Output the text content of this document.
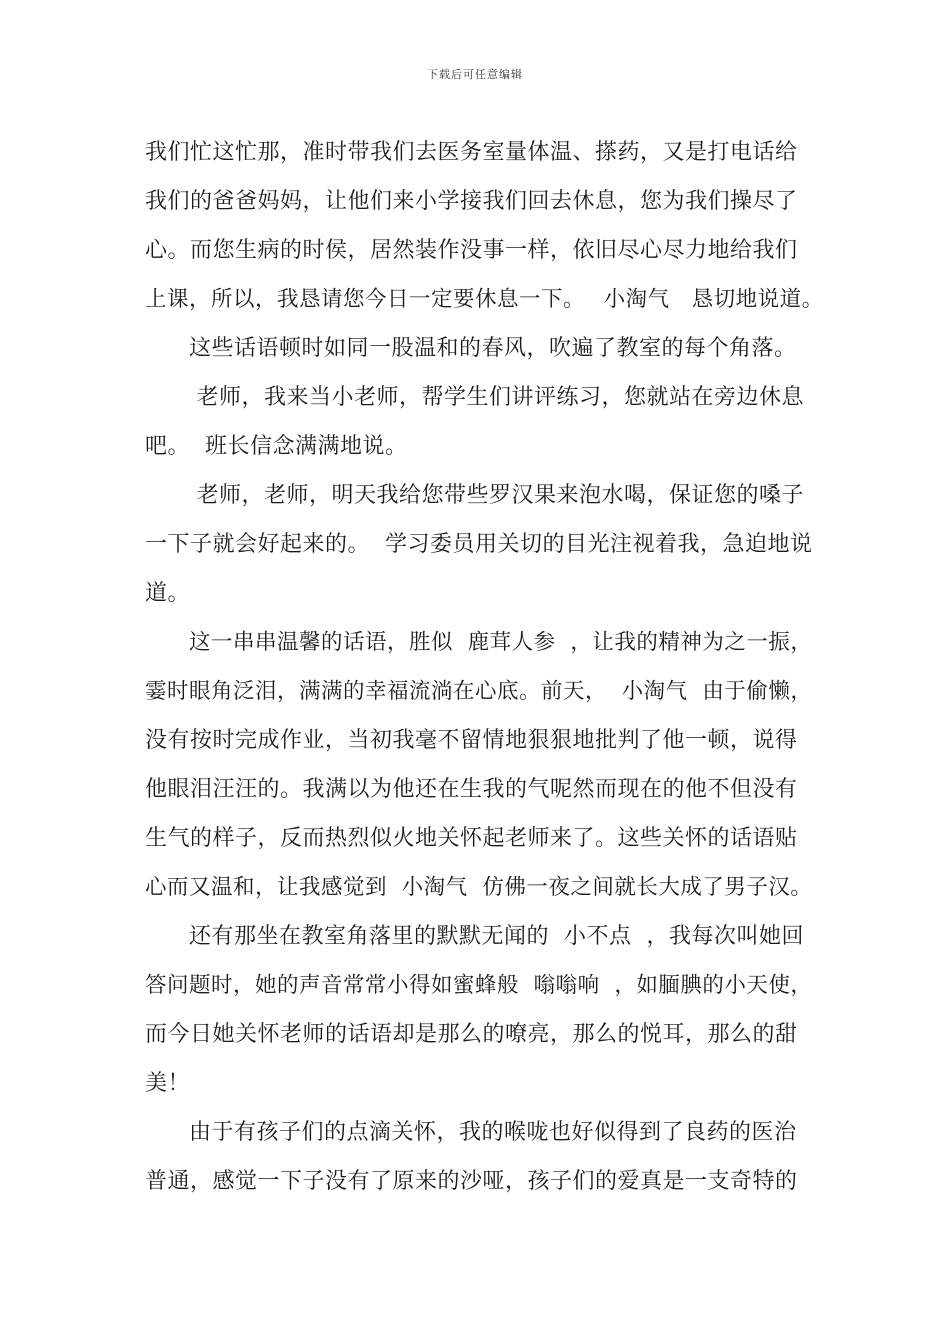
下载后可任意编辑
我们忙这忙那，准时带我们去医务室量体温、搽药，又是打电话给
我们的爸爸妈妈，让他们来小学接我们回去休息，您为我们操尽了
心。而您生病的时侯，居然装作没事一样，依旧尽心尽力地给我们
上课，所以，我恳请您今日一定要休息一下。　 小淘气　恳切地说道。
这些话语顿时如同一股温和的春风，吹遍了教室的每个角落。
老师，我来当小老师，帮学生们讲评练习，您就站在旁边休息
吧。  班长信念满满地说。
老师，老师，明天我给您带些罗汉果来泡水喝，保证您的嗓子
一下子就会好起来的。  学习委员用关切的目光注视着我，急迫地说
道。
这一串串温馨的话语，胜似  鹿茸人参  ，让我的精神为之一振，
霎时眼角泛泪，满满的幸福流淌在心底。前天，  小淘气  由于偷懒，
没有按时完成作业，当初我毫不留情地狠狠地批判了他一顿，说得
他眼泪汪汪的。我满以为他还在生我的气呢然而现在的他不但没有
生气的样子，反而热烈似火地关怀起老师来了。这些关怀的话语贴
心而又温和，让我感觉到  小淘气  仿佛一夜之间就长大成了男子汉。
还有那坐在教室角落里的默默无闻的  小不点  ，我每次叫她回
答问题时，她的声音常常小得如蜜蜂般  嗡嗡响  ，如腼腆的小天使，
而今日她关怀老师的话语却是那么的嘹亮，那么的悦耳，那么的甜
美！
由于有孩子们的点滴关怀，我的喉咙也好似得到了良药的医治
普通，感觉一下子没有了原来的沙哑，孩子们的爱真是一支奇特的
